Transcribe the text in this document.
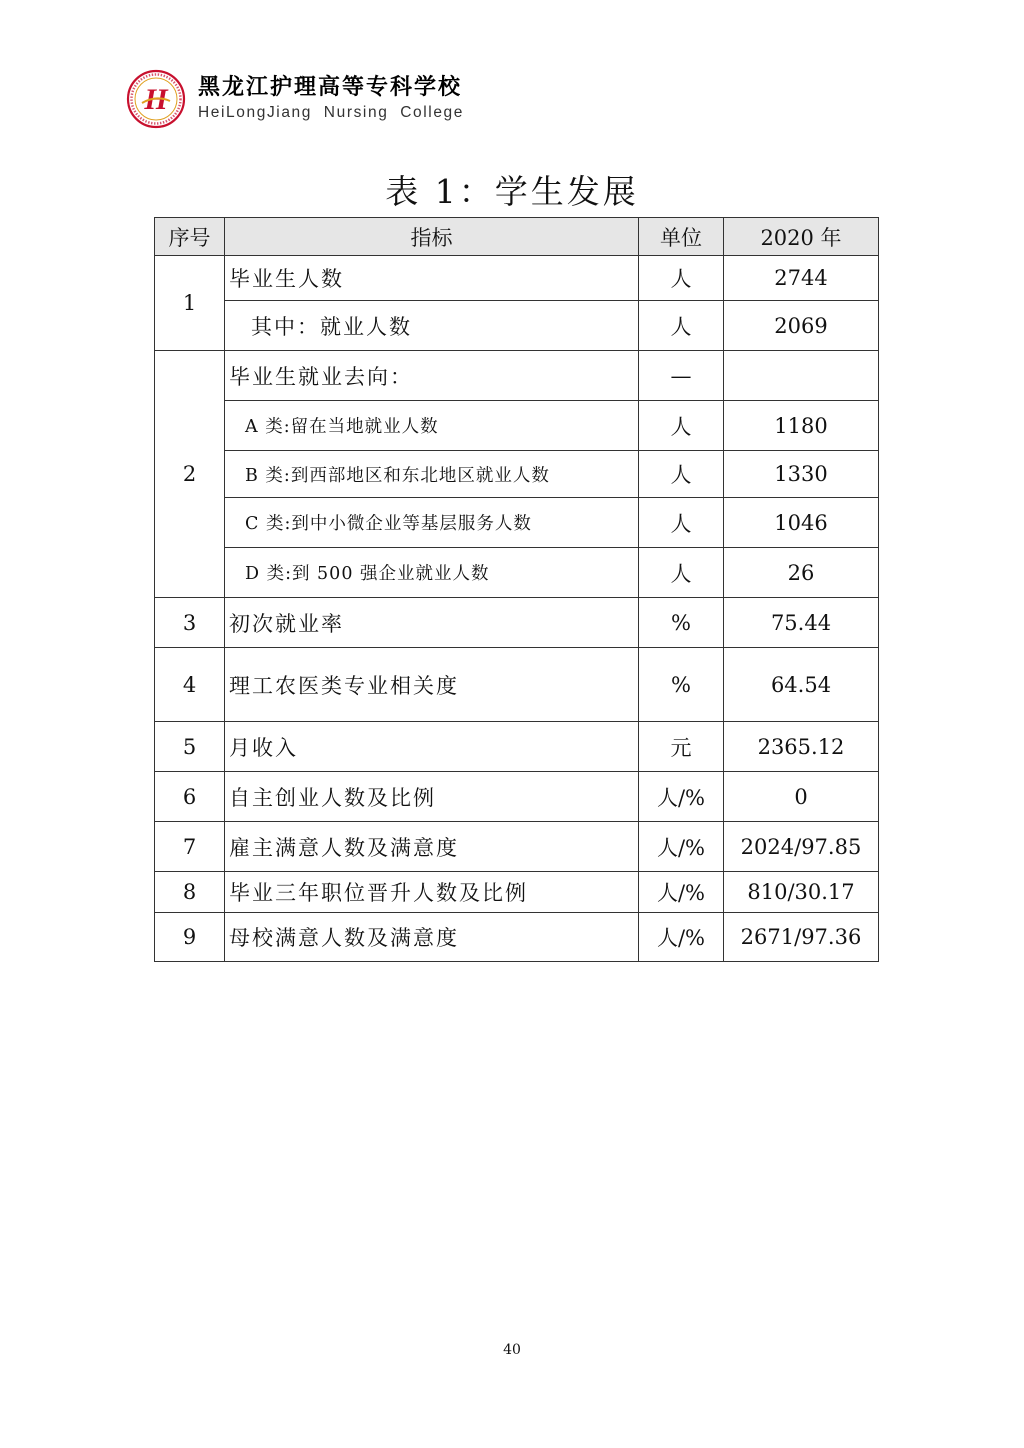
H 黑龙江护理高等专科学校
HeiLongJiang  Nursing  College
表 1：学生发展
序号	指标	单位	2020 年
1	毕业生人数	人	2744
	其中：就业人数	人	2069
2	毕业生就业去向：	—	
	A 类:留在当地就业人数	人	1180
	B 类:到西部地区和东北地区就业人数	人	1330
	C 类:到中小微企业等基层服务人数	人	1046
	D 类:到 500 强企业就业人数	人	26
3	初次就业率	%	75.44
4	理工农医类专业相关度	%	64.54
5	月收入	元	2365.12
6	自主创业人数及比例	人/%	0
7	雇主满意人数及满意度	人/%	2024/97.85
8	毕业三年职位晋升人数及比例	人/%	810/30.17
9	母校满意人数及满意度	人/%	2671/97.36
40
